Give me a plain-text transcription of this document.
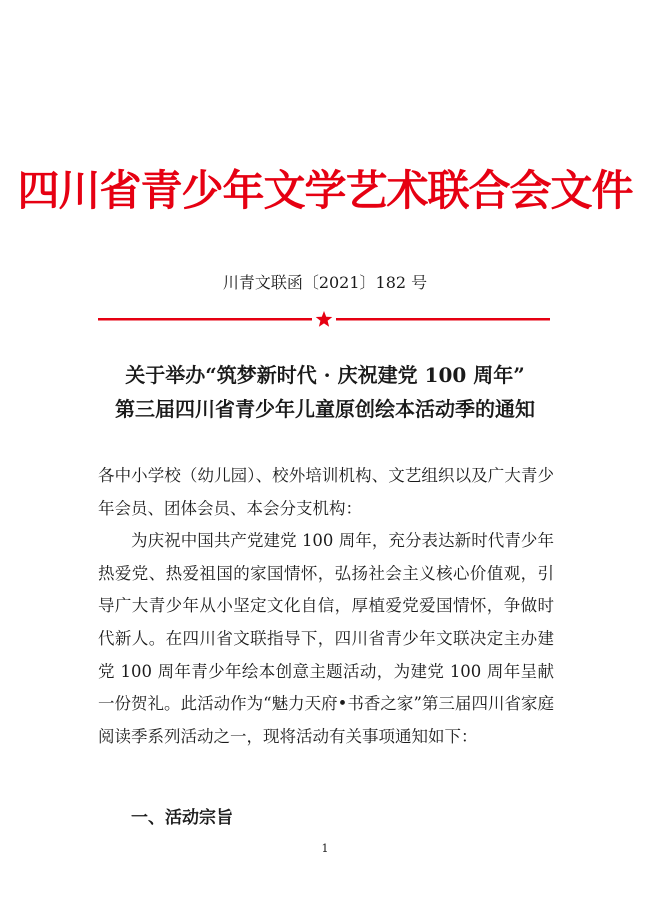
四川省青少年文学艺术联合会文件
川青文联函〔2021〕182 号
关于举办“筑梦新时代 · 庆祝建党 100 周年”
第三届四川省青少年儿童原创绘本活动季的通知

各中小学校（幼儿园）、校外培训机构、文艺组织以及广大青少年会员、团体会员、本会分支机构：

为庆祝中国共产党建党 100 周年，充分表达新时代青少年热爱党、热爱祖国的家国情怀，弘扬社会主义核心价值观，引导广大青少年从小坚定文化自信，厚植爱党爱国情怀，争做时代新人。在四川省文联指导下，四川省青少年文联决定主办建党 100 周年青少年绘本创意主题活动，为建党 100 周年呈献一份贺礼。此活动作为“魅力天府•书香之家”第三届四川省家庭阅读季系列活动之一，现将活动有关事项通知如下：

一、活动宗旨
1
